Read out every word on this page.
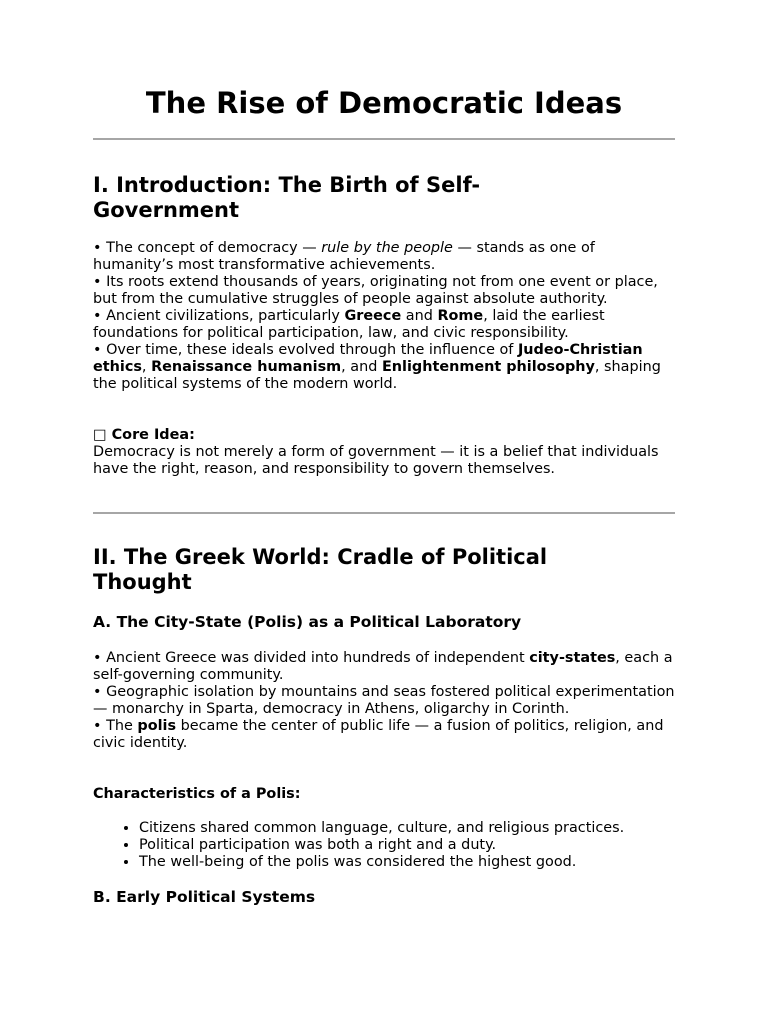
The Rise of Democratic Ideas
I. Introduction: The Birth of Self-
Government

• The concept of democracy — rule by the people — stands as one of humanity’s most transformative achievements.
• Its roots extend thousands of years, originating not from one event or place, but from the cumulative struggles of people against absolute authority.
• Ancient civilizations, particularly Greece and Rome, laid the earliest foundations for political participation, law, and civic responsibility.
• Over time, these ideals evolved through the influence of Judeo-Christian ethics, Renaissance humanism, and Enlightenment philosophy, shaping the political systems of the modern world.

□ Core Idea:
Democracy is not merely a form of government — it is a belief that individuals have the right, reason, and responsibility to govern themselves.

II. The Greek World: Cradle of Political
Thought
A. The City-State (Polis) as a Political Laboratory

• Ancient Greece was divided into hundreds of independent city-states, each a self-governing community.
• Geographic isolation by mountains and seas fostered political experimentation — monarchy in Sparta, democracy in Athens, oligarchy in Corinth.
• The polis became the center of public life — a fusion of politics, religion, and civic identity.

Characteristics of a Polis:

• Citizens shared common language, culture, and religious practices.
• Political participation was both a right and a duty.
• The well-being of the polis was considered the highest good.
B. Early Political Systems
